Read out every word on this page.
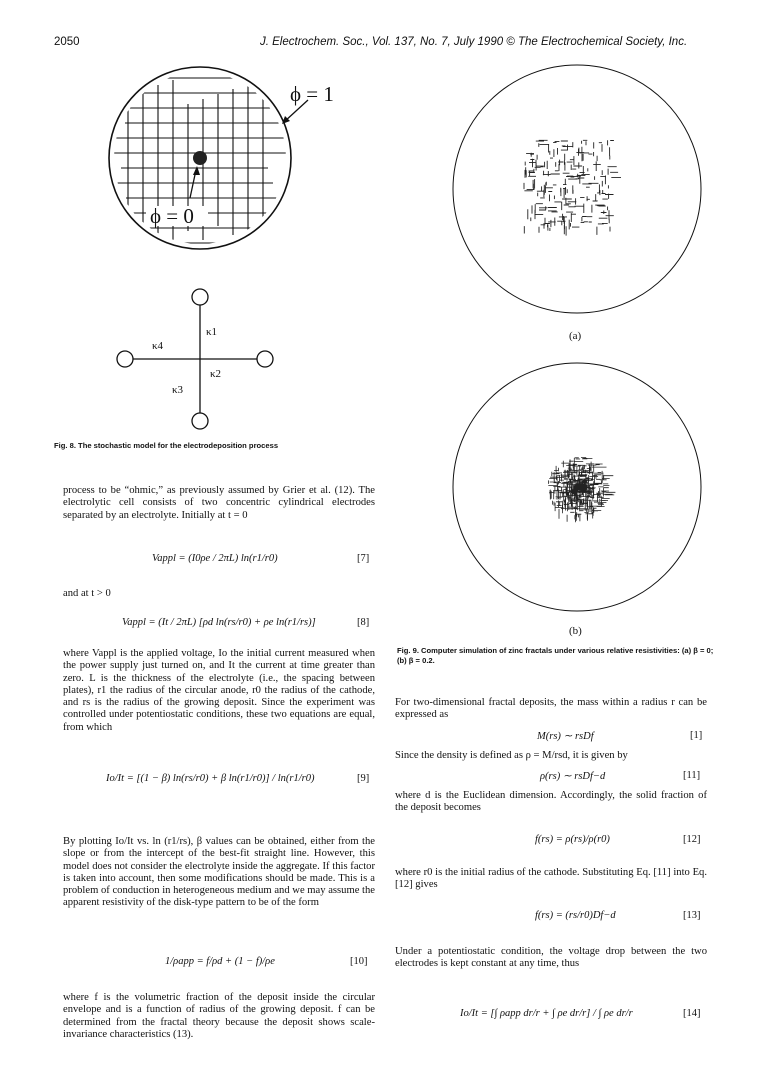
2050	J. Electrochem. Soc., Vol. 137, No. 7, July 1990 © The Electrochemical Society, Inc.
ϕ = 1
ϕ = 0
κ1
κ2
κ3
κ4
Fig. 8. The stochastic model for the electrodeposition process
(a)
(b)
Fig. 9. Computer simulation of zinc fractals under various relative resistivities: (a) β = 0; (b) β = 0.2.
process to be “ohmic,” as previously assumed by Grier et al. (12). The electrolytic cell consists of two concentric cylindrical electrodes separated by an electrolyte. Initially at t = 0
Vappl = (I0ρe / 2πL) ln(r1/r0)	[7]
and at t > 0
Vappl = (It / 2πL) [ρd ln(rs/r0) + ρe ln(r1/rs)]	[8]
where Vappl is the applied voltage, Io the initial current measured when the power supply just turned on, and It the current at time greater than zero. L is the thickness of the electrolyte (i.e., the spacing between plates), r1 the radius of the circular anode, r0 the radius of the cathode, and rs is the radius of the growing deposit. Since the experiment was controlled under potentiostatic conditions, these two equations are equal, from which
Io/It = [(1 − β) ln(rs/r0) + β ln(r1/r0)] / ln(r1/r0)	[9]
By plotting Io/It vs. ln (r1/rs), β values can be obtained, either from the slope or from the intercept of the best-fit straight line. However, this model does not consider the electrolyte inside the aggregate. If this factor is taken into account, then some modifications should be made. This is a problem of conduction in heterogeneous medium and we may assume the apparent resistivity of the disk-type pattern to be of the form
1/ρapp = f/ρd + (1 − f)/ρe	[10]
where f is the volumetric fraction of the deposit inside the circular envelope and is a function of radius of the growing deposit. f can be determined from the fractal theory because the deposit shows scale-invariance characteristics (13).
For two-dimensional fractal deposits, the mass within a radius r can be expressed as
M(rs) ∼ rsDf	[1]
Since the density is defined as ρ = M/rsd, it is given by
ρ(rs) ∼ rsDf−d	[11]
where d is the Euclidean dimension. Accordingly, the solid fraction of the deposit becomes
f(rs) = ρ(rs)/ρ(r0)	[12]
where r0 is the initial radius of the cathode. Substituting Eq. [11] into Eq. [12] gives
f(rs) = (rs/r0)Df−d	[13]
Under a potentiostatic condition, the voltage drop between the two electrodes is kept constant at any time, thus
Io/It = [∫ ρapp dr/r + ∫ ρe dr/r] / ∫ ρe dr/r	[14]
